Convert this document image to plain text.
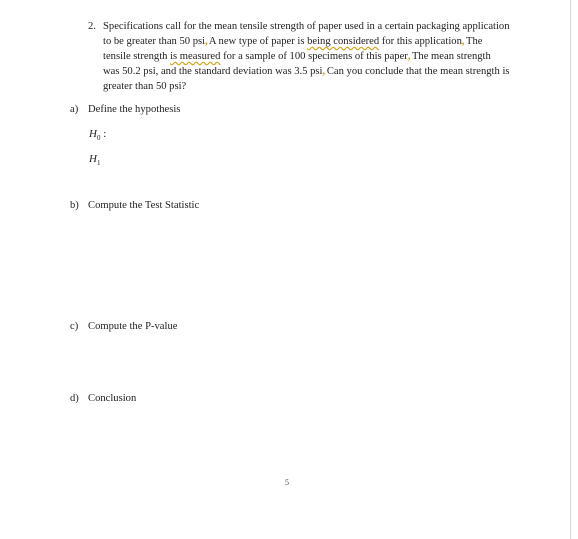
2. Specifications call for the mean tensile strength of paper used in a certain packaging application
to be greater than 50 psi, A new type of paper is being considered for this application, The
tensile strength is measured for a sample of 100 specimens of this paper, The mean strength
was 50.2 psi, and the standard deviation was 3.5 psi, Can you conclude that the mean strength is
greater than 50 psi?
a) Define the hypothesis
$H_0$ :
$H_1$
b) Compute the Test Statistic
c) Compute the P-value
d) Conclusion
5
